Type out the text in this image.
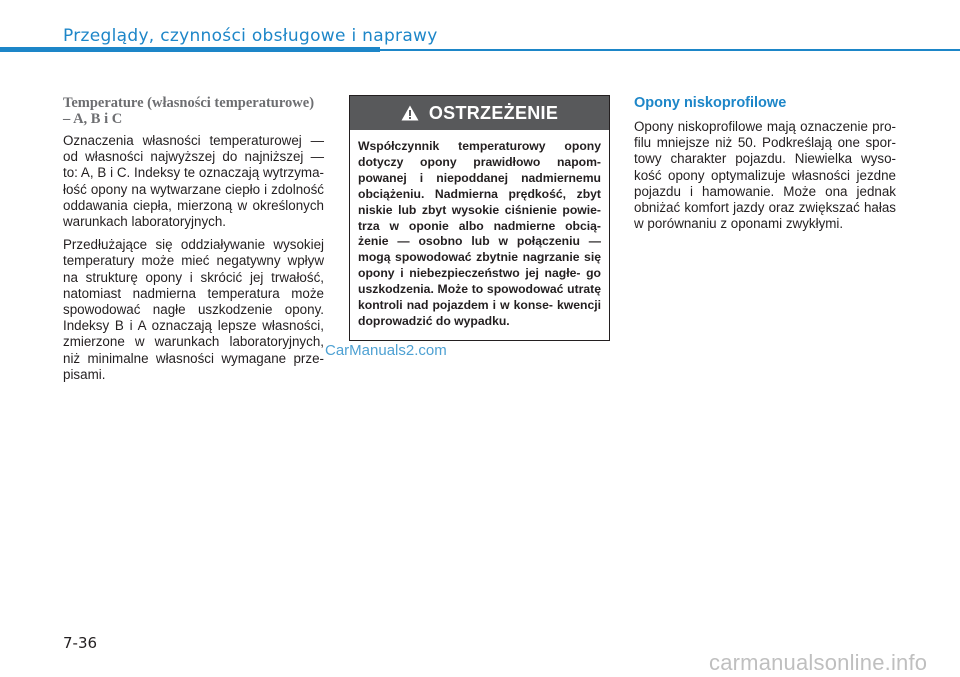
Przeglądy, czynności obsługowe i naprawy
Temperature (własności temperaturowe) – A, B i C

Oznaczenia własności temperaturowej — od własności najwyższej do najniższej — to: A, B i C. Indeksy te oznaczają wytrzyma- łość opony na wytwarzane ciepło i zdolność oddawania ciepła, mierzoną w określonych warunkach laboratoryjnych.

Przedłużające się oddziaływanie wysokiej temperatury może mieć negatywny wpływ na strukturę opony i skrócić jej trwałość, natomiast nadmierna temperatura może spowodować nagłe uszkodzenie opony. Indeksy B i A oznaczają lepsze własności, zmierzone w warunkach laboratoryjnych, niż minimalne własności wymagane prze- pisami.

OSTRZEŻENIE
Współczynnik temperaturowy opony dotyczy opony prawidłowo napom- powanej i niepoddanej nadmiernemu obciążeniu. Nadmierna prędkość, zbyt niskie lub zbyt wysokie ciśnienie powie- trza w oponie albo nadmierne obcią- żenie — osobno lub w połączeniu — mogą spowodować zbytnie nagrzanie się opony i niebezpieczeństwo jej nagłe- go uszkodzenia. Może to spowodować utratę kontroli nad pojazdem i w konse- kwencji doprowadzić do wypadku.
Opony niskoprofilowe

Opony niskoprofilowe mają oznaczenie pro- filu mniejsze niż 50. Podkreślają one spor- towy charakter pojazdu. Niewielka wyso- kość opony optymalizuje własności jezdne pojazdu i hamowanie. Może ona jednak obniżać komfort jazdy oraz zwiększać hałas w porównaniu z oponami zwykłymi.

CarManuals2.com
7-36
carmanualsonline.info
